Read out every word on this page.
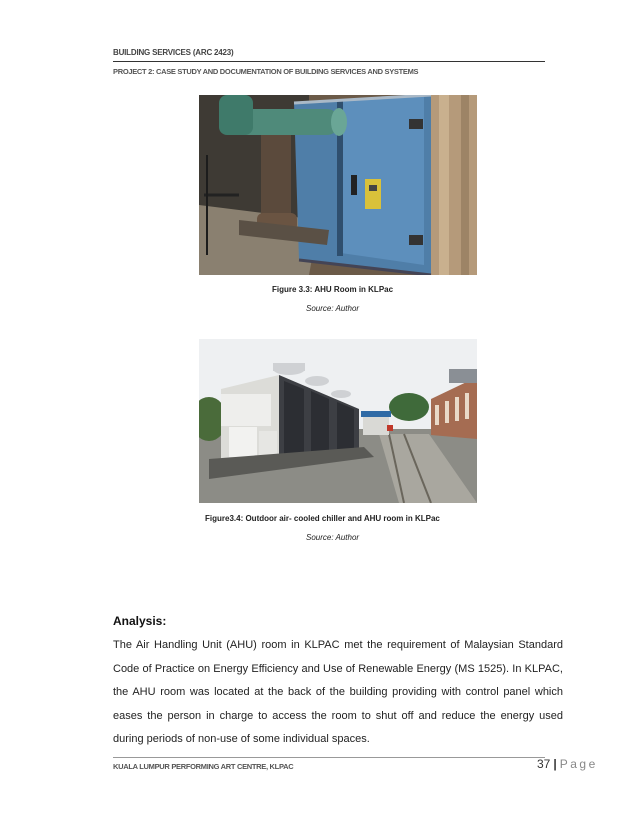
BUILDING SERVICES (ARC 2423)
PROJECT 2: CASE STUDY AND DOCUMENTATION OF BUILDING SERVICES AND SYSTEMS
Figure 3.3: AHU Room in KLPac
Source: Author
Figure3.4: Outdoor air- cooled chiller and AHU room in KLPac
Source: Author
Analysis:
The Air Handling Unit (AHU) room in KLPAC met the requirement of Malaysian Standard Code of Practice on Energy Efficiency and Use of Renewable Energy (MS 1525). In KLPAC, the AHU room was located at the back of the building providing with control panel which eases the person in charge to access the room to shut off and reduce the energy used during periods of non-use of some individual spaces.
KUALA LUMPUR PERFORMING ART CENTRE, KLPAC	37 | Page
